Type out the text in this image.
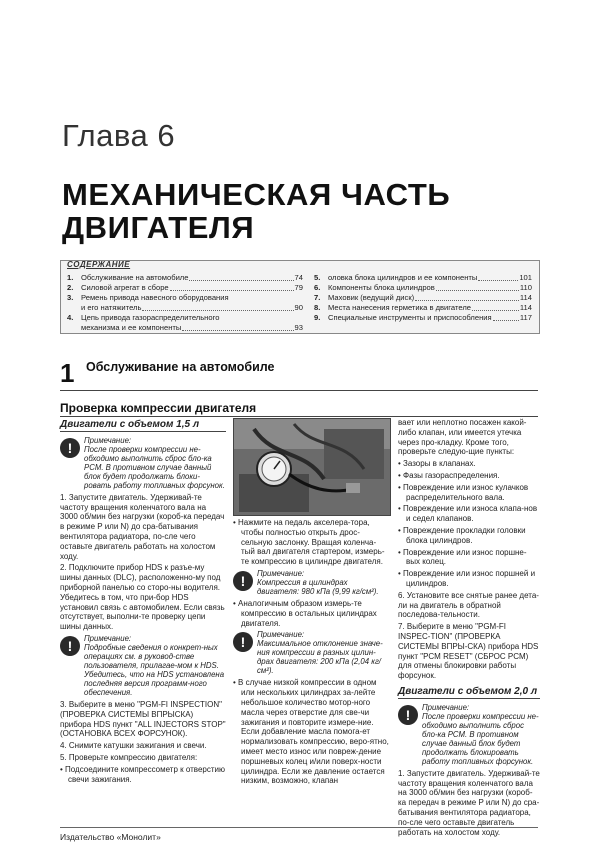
Глава 6
МЕХАНИЧЕСКАЯ ЧАСТЬ
ДВИГАТЕЛЯ
СОДЕРЖАНИЕ
1. Обслуживание на автомобиле	74
2. Силовой агрегат в сборе	79
3. Ремень привода навесного оборудования
и его натяжитель	90
4. Цепь привода газораспределительного
механизма и ее компоненты	93
5. оловка блока цилиндров и ее компоненты	101
6. Компоненты блока цилиндров	110
7. Маховик (ведущий диск)	114
8. Места нанесения герметика в двигателе	114
9. Специальные инструменты и приспособления	117
1 Обслуживание на автомобиле
Проверка компрессии двигателя
Двигатели с объемом 1,5 л
!	Примечание:
После проверки компрессии не-обходимо выполнить сброс бло-ка PCM. В противном случае данный блок будет продолжать блоки-ровать работу топливных форсунок.

1. Запустите двигатель. Удерживай-те частоту вращения коленчатого вала на 3000 об/мин без нагрузки (короб-ка передач в режиме P или N) до сра-батывания вентилятора радиатора, по-сле чего оставьте двигатель работать на холостом ходу.

2. Подключите прибор HDS к разъе-му шины данных (DLC), расположенно-му под приборной панелью со сторо-ны водителя. Убедитесь в том, что при-бор HDS установил связь с автомобилем. Если связь отсутствует, выполни-те проверку цепи шины данных.

!	Примечание:
Подробные сведения о конкрет-ных операциях см. в руковод-стве пользователя, прилагае-мом к HDS. Убедитесь, что на HDS установлена последняя версия программ-ного обеспечения.

3. Выберите в меню "PGM-FI INSPECTION" (ПРОВЕРКА СИСТЕМЫ ВПРЫСКА) прибора HDS пункт "ALL INJECTORS STOP" (ОСТАНОВКА ВСЕХ ФОРСУНОК).

4. Снимите катушки зажигания и свечи.

5. Проверьте компрессию двигателя:

• Подсоедините компрессометр к отверстию свечи зажигания.

• Нажмите на педаль акселера-тора, чтобы полностью открыть дрос-сельную заслонку. Вращая коленча-тый вал двигателя стартером, измерь-те компрессию в цилиндре двигателя.

!	Примечание:
Компрессия в цилиндрах двигателя: 980 кПа (9,99 кг/см²).

• Аналогичным образом измерь-те компрессию в остальных цилиндрах двигателя.

!	Примечание:
Максимальное отклонение значе-ния компрессии в разных цилин-драх двигателя: 200 кПа (2,04 кг/см²).

• В случае низкой компрессии в одном или нескольких цилиндрах за-лейте небольшое количество мотор-ного масла через отверстие для све-чи зажигания и повторите измере-ние. Если добавление масла помога-ет нормализовать компрессию, веро-ятно, имеет место износ или повреж-дение поршневых колец и/или поверх-ности цилиндра. Если же давление остается низким, возможно, клапан

вает или неплотно посажен какой-либо клапан, или имеется утечка через про-кладку. Кроме того, проверьте следую-щие пункты:

• Зазоры в клапанах.

• Фазы газораспределения.

• Повреждение или износ кулачков распределительного вала.

• Повреждение или износа клапа-нов и седел клапанов.

• Повреждение прокладки головки блока цилиндров.

• Повреждение или износ поршне-вых колец.

• Повреждение или износ поршней и цилиндров.

6. Установите все снятые ранее дета-ли на двигатель в обратной последова-тельности.

7. Выберите в меню "PGM-FI INSPEC-TION" (ПРОВЕРКА СИСТЕМЫ ВПРЫ-СКА) прибора HDS пункт "PCM RESET" (СБРОС PCM) для отмены блокировки работы форсунок.

Двигатели с объемом 2,0 л
!	Примечание:
После проверки компрессии не-обходимо выполнить сброс бло-ка PCM. В противном случае данный блок будет продолжать блокировать работу топливных форсунок.

1. Запустите двигатель. Удерживай-те частоту вращения коленчатого вала на 3000 об/мин без нагрузки (короб-ка передач в режиме P или N) до сра-батывания вентилятора радиатора, по-сле чего оставьте двигатель работать на холостом ходу.

Издательство «Монолит»
